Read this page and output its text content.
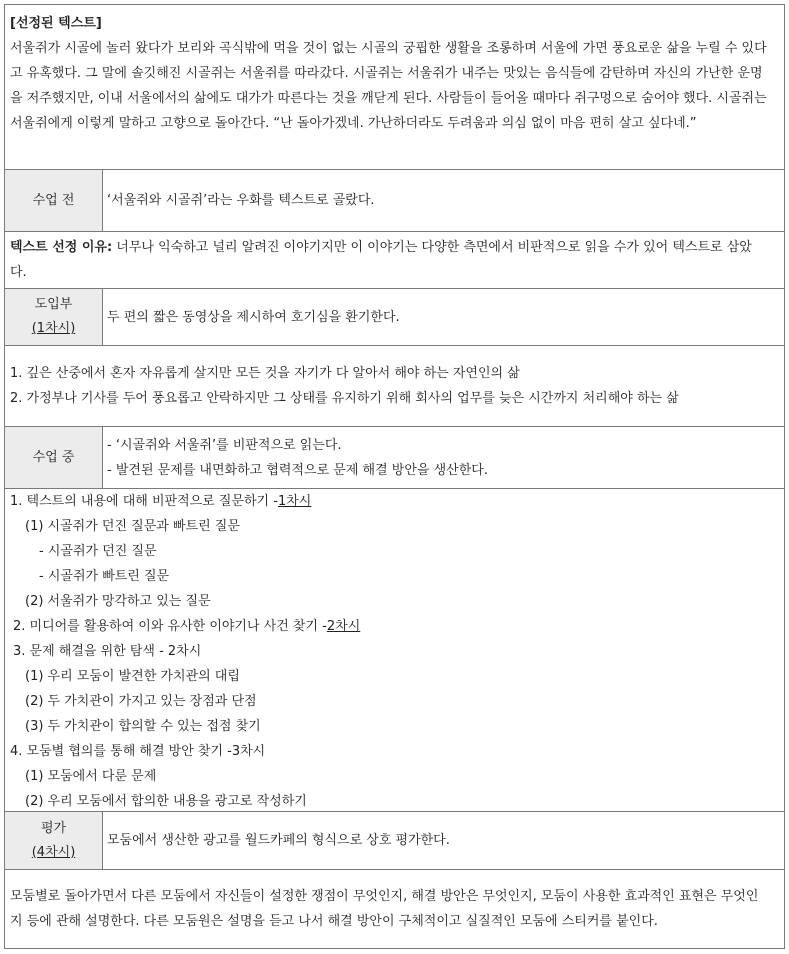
[선정된 텍스트]
서울쥐가 시골에 놀러 왔다가 보리와 곡식밖에 먹을 것이 없는 시골의 궁핍한 생활을 조롱하며 서울에 가면 풍요로운 삶을 누릴 수 있다
고 유혹했다. 그 말에 솔깃해진 시골쥐는 서울쥐를 따라갔다. 시골쥐는 서울쥐가 내주는 맛있는 음식들에 감탄하며 자신의 가난한 운명
을 저주했지만, 이내 서울에서의 삶에도 대가가 따른다는 것을 깨닫게 된다. 사람들이 들어올 때마다 쥐구멍으로 숨어야 했다. 시골쥐는
서울쥐에게 이렇게 말하고 고향으로 돌아간다. “난 돌아가겠네. 가난하더라도 두려움과 의심 없이 마음 편히 살고 싶다네.”
수업 전	‘서울쥐와 시골쥐’라는 우화를 텍스트로 골랐다.
텍스트 선정 이유: 너무나 익숙하고 널리 알려진 이야기지만 이 이야기는 다양한 측면에서 비판적으로 읽을 수가 있어 텍스트로 삼았
다.
도입부
(1차시)
두 편의 짧은 동영상을 제시하여 호기심을 환기한다.
1. 깊은 산중에서 혼자 자유롭게 살지만 모든 것을 자기가 다 알아서 해야 하는 자연인의 삶
2. 가정부나 기사를 두어 풍요롭고 안락하지만 그 상태를 유지하기 위해 회사의 업무를 늦은 시간까지 처리해야 하는 삶
수업 중
- ‘시골쥐와 서울쥐’를 비판적으로 읽는다.
- 발견된 문제를 내면화하고 협력적으로 문제 해결 방안을 생산한다.
1. 텍스트의 내용에 대해 비판적으로 질문하기 -1차시
(1) 시골쥐가 던진 질문과 빠트린 질문
- 시골쥐가 던진 질문
- 시골쥐가 빠트린 질문
(2) 서울쥐가 망각하고 있는 질문
2. 미디어를 활용하여 이와 유사한 이야기나 사건 찾기 -2차시
3. 문제 해결을 위한 탐색 - 2차시
(1) 우리 모둠이 발견한 가치관의 대립
(2) 두 가치관이 가지고 있는 장점과 단점
(3) 두 가치관이 합의할 수 있는 접점 찾기
4. 모둠별 협의를 통해 해결 방안 찾기 -3차시
(1) 모둠에서 다룬 문제
(2) 우리 모둠에서 합의한 내용을 광고로 작성하기
평가
(4차시)
모둠에서 생산한 광고를 월드카페의 형식으로 상호 평가한다.
모둠별로 돌아가면서 다른 모둠에서 자신들이 설정한 쟁점이 무엇인지, 해결 방안은 무엇인지, 모둠이 사용한 효과적인 표현은 무엇인
지 등에 관해 설명한다. 다른 모둠원은 설명을 듣고 나서 해결 방안이 구체적이고 실질적인 모둠에 스티커를 붙인다.
